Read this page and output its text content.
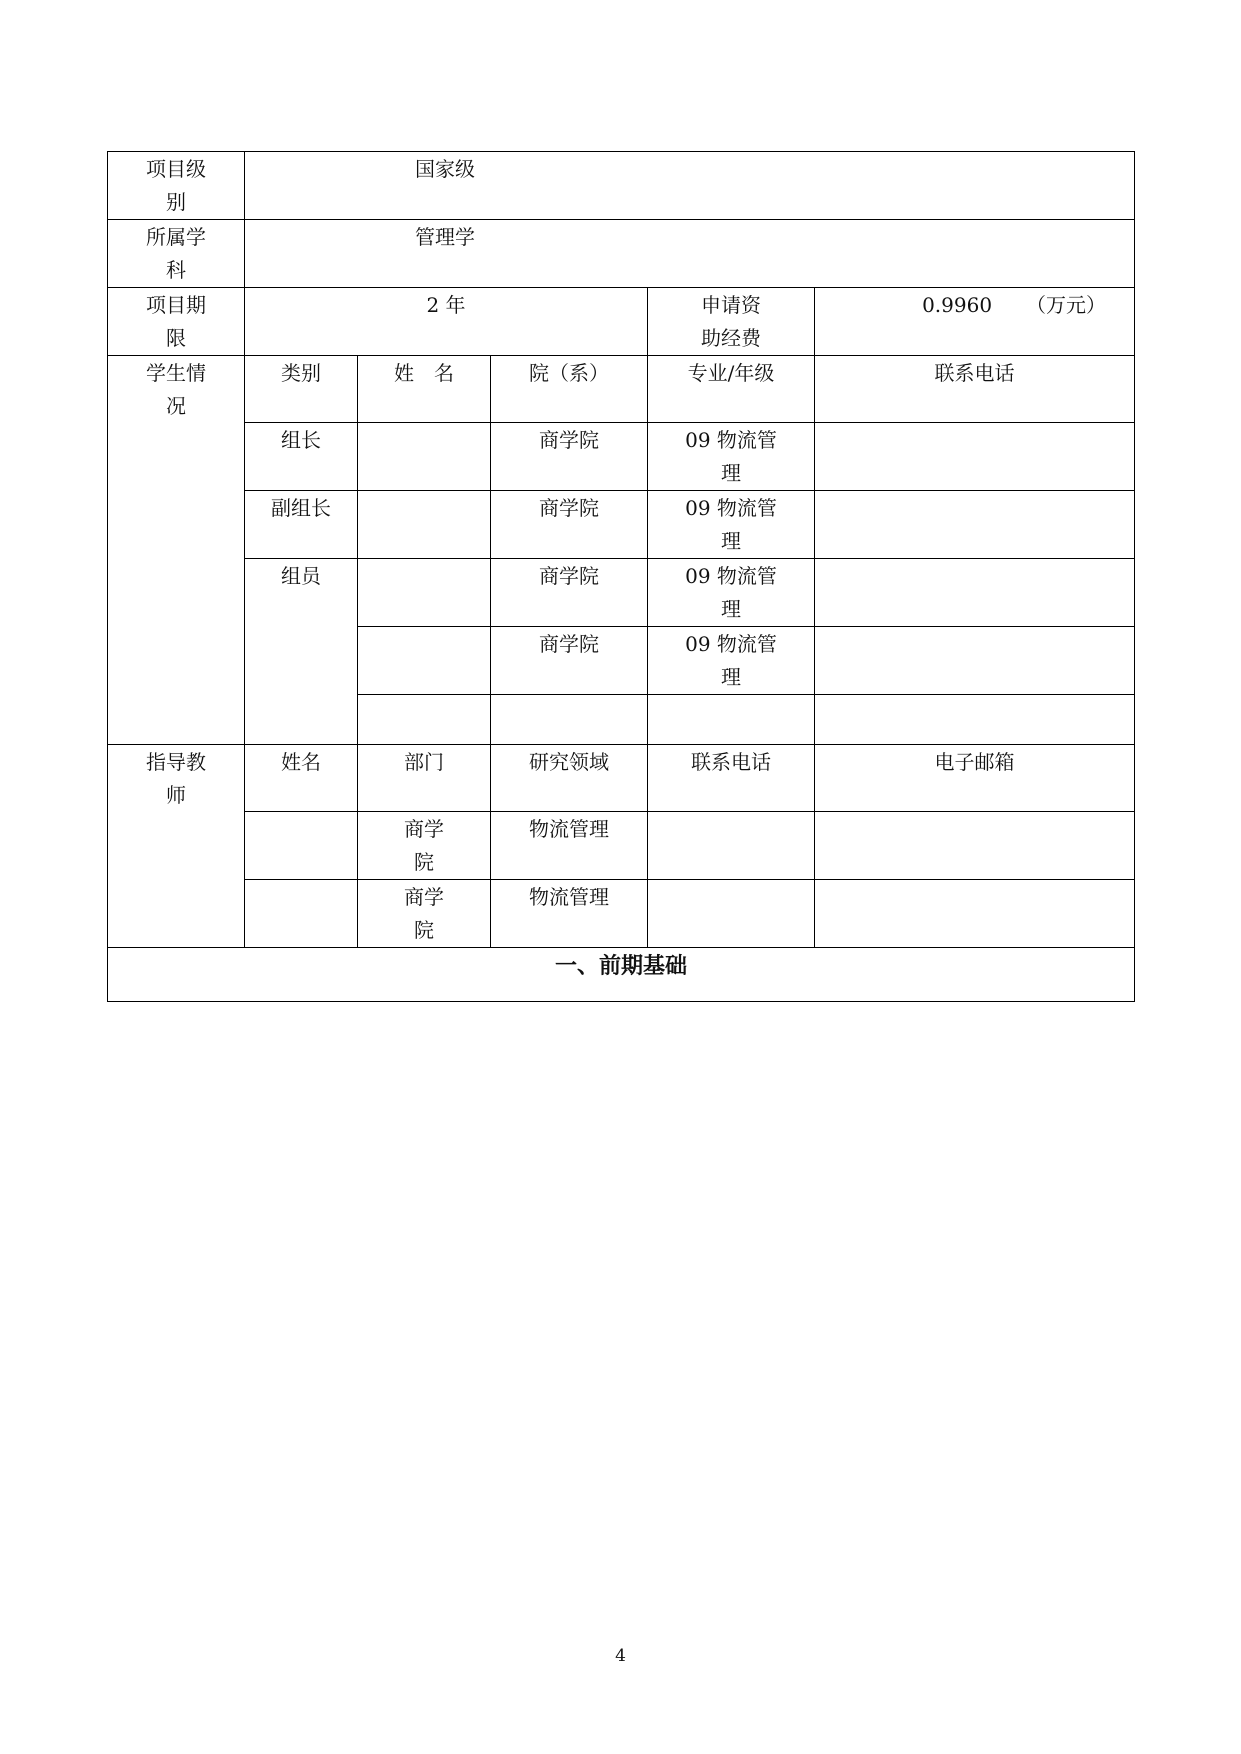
项目级别	国家级				

所属学科	管理学				

项目期限	2 年			申请资助经费	0.9960 （万元）

学生情况	类别	姓　名	院（系）	专业/年级	联系电话

	组长		商学院	09 物流管理	

	副组长		商学院	09 物流管理	

	组员		商学院	09 物流管理	

			商学院	09 物流管理	

指导教师	姓名	部门	研究领域	联系电话	电子邮箱

		商学院	物流管理		

		商学院	物流管理		
一、前期基础					
4
